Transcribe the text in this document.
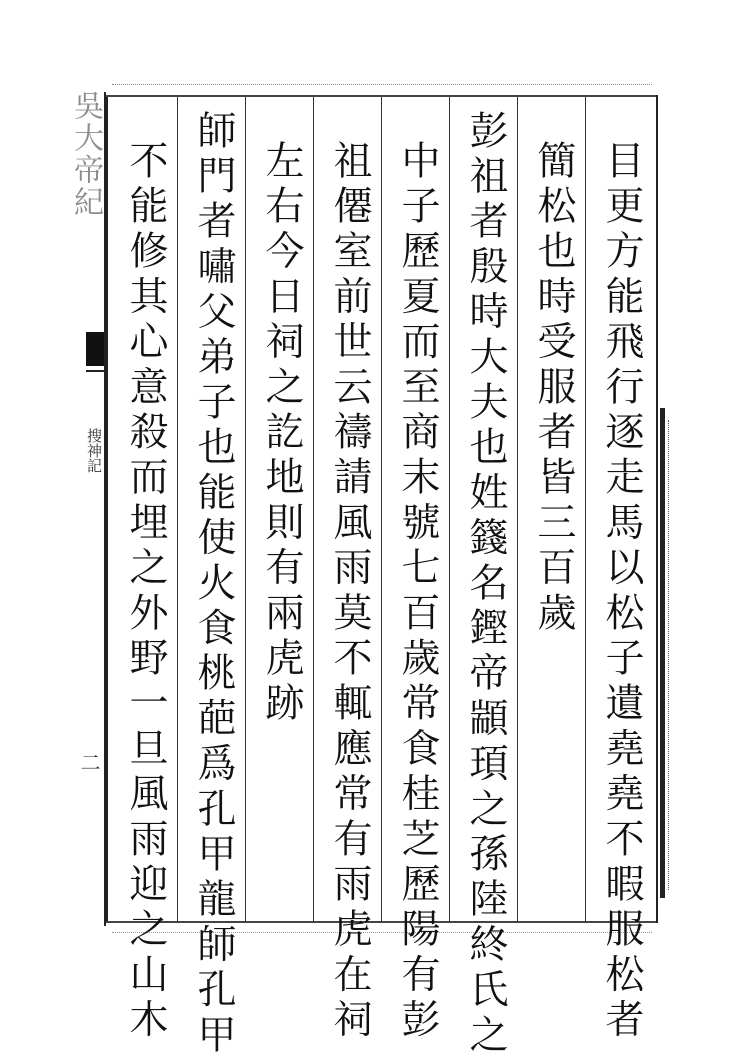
吳大帝紀
搜神記
二	目更方能飛行逐走馬以松子遺堯堯不暇服松者
簡松也時受服者皆三百歲
彭祖者殷時大夫也姓籛名鏗帝顓頊之孫陸終氏之
中子歷夏而至商末號七百歲常食桂芝歷陽有彭
祖僊室前世云禱請風雨莫不輒應常有雨虎在祠
左右今日祠之訖地則有兩虎跡
師門者嘯父弟子也能使火食桃葩爲孔甲龍師孔甲
不能修其心意殺而埋之外野一旦風雨迎之山木
